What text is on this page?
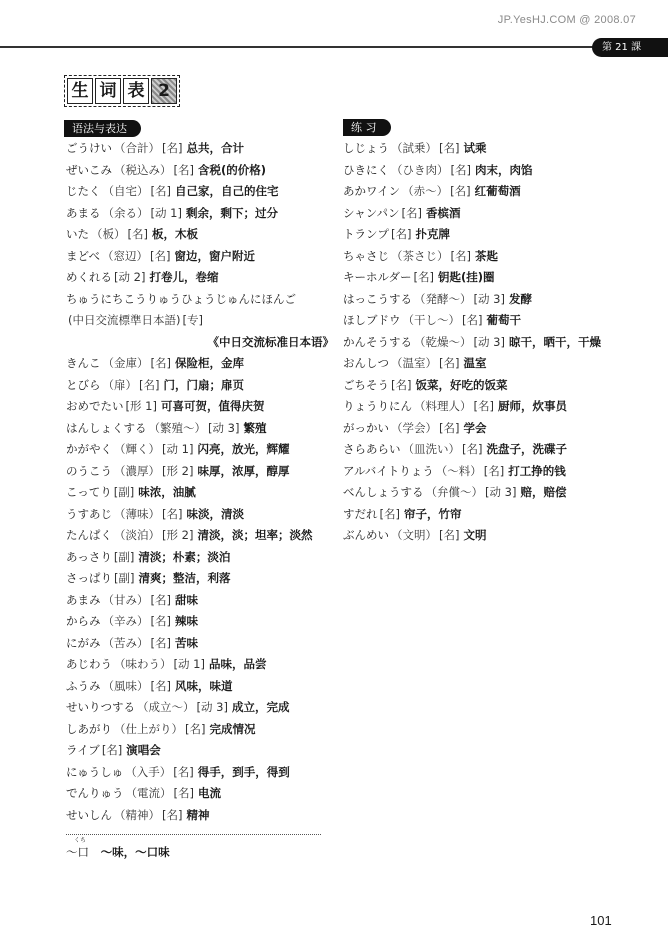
JP.YesHJ.COM @ 2008.07
第 21 課
生 词 表 2
语法与表达	练 习
ごうけい （合計） [名] 总共，合计
ぜいこみ （税込み） [名] 含税(的价格)
じたく （自宅） [名] 自己家，自己的住宅
あまる （余る） [动 1] 剩余，剩下；过分
いた （板） [名] 板，木板
まどべ （窓辺） [名] 窗边，窗户附近
めくれる [动 2] 打卷儿，卷缩
ちゅうにちこうりゅうひょうじゅんにほんご
(中日交流標準日本語) [专]
《中日交流标准日本语》
きんこ （金庫） [名] 保险柜，金库
とびら （扉） [名] 门，门扇；扉页
おめでたい [形 1] 可喜可贺，值得庆贺
はんしょくする （繁殖～） [动 3] 繁殖
かがやく （輝く） [动 1] 闪亮，放光，辉耀
のうこう （濃厚） [形 2] 味厚，浓厚，醇厚
こってり [副] 味浓，油腻
うすあじ （薄味） [名] 味淡，清淡
たんぱく （淡泊） [形 2] 清淡，淡；坦率；淡然
あっさり [副] 清淡；朴素；淡泊
さっぱり [副] 清爽；整洁，利落
あまみ （甘み） [名] 甜味
からみ （辛み） [名] 辣味
にがみ （苦み） [名] 苦味
あじわう （味わう） [动 1] 品味，品尝
ふうみ （風味） [名] 风味，味道
せいりつする （成立～） [动 3] 成立，完成
しあがり （仕上がり） [名] 完成情况
ライブ [名] 演唱会
にゅうしゅ （入手） [名] 得手，到手，得到
でんりゅう （電流） [名] 电流
せいしん （精神） [名] 精神
くち
～口 ～味，～口味
しじょう （試乗） [名] 试乘
ひきにく （ひき肉） [名] 肉末，肉馅
あかワイン （赤～） [名] 红葡萄酒
シャンパン [名] 香槟酒
トランプ [名] 扑克牌
ちゃさじ （茶さじ） [名] 茶匙
キーホルダー [名] 钥匙(挂)圈
はっこうする （発酵～） [动 3] 发酵
ほしブドウ （干し～） [名] 葡萄干
かんそうする （乾燥～） [动 3] 晾干，晒干，干燥
おんしつ （温室） [名] 温室
ごちそう [名] 饭菜，好吃的饭菜
りょうりにん （料理人） [名] 厨师，炊事员
がっかい （学会） [名] 学会
さらあらい （皿洗い） [名] 洗盘子，洗碟子
アルバイトりょう （～料） [名] 打工挣的钱
べんしょうする （弁償～） [动 3] 赔，赔偿
すだれ [名] 帘子，竹帘
ぶんめい （文明） [名] 文明
101
